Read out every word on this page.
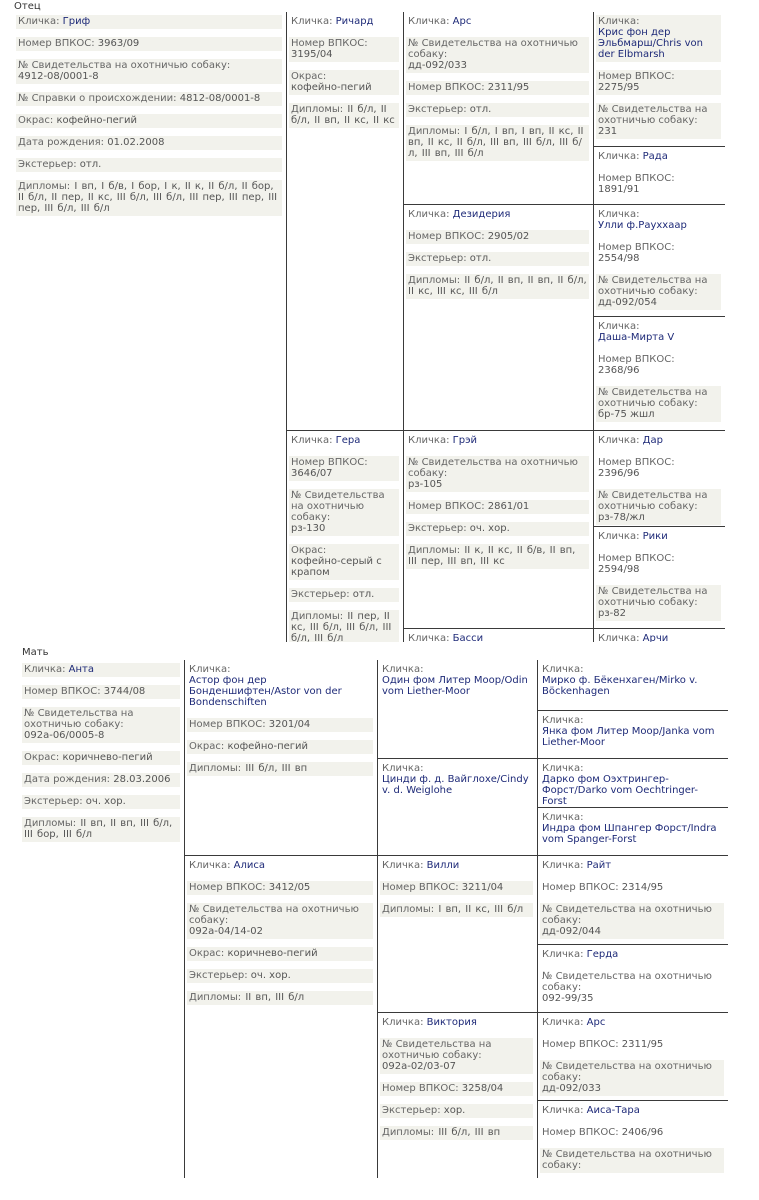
Отец
Кличка: Гриф
Номер ВПКОС: 3963/09
№ Свидетельства на охотничью собаку:
4912-08/0001-8
№ Справки о происхождении: 4812-08/0001-8
Окрас: кофейно-пегий
Дата рождения: 01.02.2008
Экстерьер: отл.
Дипломы: I вп, I б/в, I бор, I к, II к, II б/л, II бор, II б/л, II пер, II кс, III б/л, III б/л, III пер, III пер, III пер, III б/л, III б/л
Кличка: Ричард
Номер ВПКОС:
3195/04
Окрас:
кофейно-пегий
Дипломы: II б/л, II б/л, II вп, II кс, II кс
Кличка: Гера
Номер ВПКОС:
3646/07
№ Свидетельства на охотничью собаку:
рз-130
Окрас:
кофейно-серый с крапом
Экстерьер: отл.
Дипломы: II пер, II кс, III б/л, III б/л, III б/л, III б/л
Кличка: Арс
№ Свидетельства на охотничью собаку:
дд-092/033
Номер ВПКОС: 2311/95
Экстерьер: отл.
Дипломы: I б/л, I вп, I вп, II кс, II вп, II кс, II б/л, III вп, III б/л, III б/л, III вп, III б/л
Кличка: Дезидерия
Номер ВПКОС: 2905/02
Экстерьер: отл.
Дипломы: II б/л, II вп, II вп, II б/л, II кс, III кс, III б/л
Кличка: Грэй
№ Свидетельства на охотничью собаку:
рз-105
Номер ВПКОС: 2861/01
Экстерьер: оч. хор.
Дипломы: II к, II кс, II б/в, II вп, III пер, III вп, III кс
Кличка: Басси
Кличка:
Крис фон дер Эльбмарш/Chris von der Elbmarsh
Номер ВПКОС:
2275/95
№ Свидетельства на охотничью собаку:
231
Кличка: Рада
Номер ВПКОС:
1891/91
Кличка:
Улли ф.Рауххаар
Номер ВПКОС:
2554/98
№ Свидетельства на охотничью собаку:
дд-092/054
Кличка:
Даша-Мирта V
Номер ВПКОС:
2368/96
№ Свидетельства на охотничью собаку:
бр-75 жшл
Кличка: Дар
Номер ВПКОС:
2396/96
№ Свидетельства на охотничью собаку:
рз-78/жл
Кличка: Рики
Номер ВПКОС:
2594/98
№ Свидетельства на охотничью собаку:
рз-82
Кличка: Арчи
Мать
Кличка: Анта
Номер ВПКОС: 3744/08
№ Свидетельства на охотничью собаку:
092а-06/0005-8
Окрас: коричнево-пегий
Дата рождения: 28.03.2006
Экстерьер: оч. хор.
Дипломы: II вп, II вп, III б/л, III бор, III б/л
Кличка:
Астор фон дер Бонденшифтен/Astor von der Bondenschiften
Номер ВПКОС: 3201/04
Окрас: кофейно-пегий
Дипломы: III б/л, III вп
Кличка: Алиса
Номер ВПКОС: 3412/05
№ Свидетельства на охотничью собаку:
092а-04/14-02
Окрас: коричнево-пегий
Экстерьер: оч. хор.
Дипломы: II вп, III б/л
Кличка:
Один фом Литер Моор/Odin vom Liether-Moor
Кличка:
Цинди ф. д. Вайглохе/Cindy v. d. Weiglohe
Кличка: Вилли
Номер ВПКОС: 3211/04
Дипломы: I вп, II кс, III б/л
Кличка: Виктория
№ Свидетельства на охотничью собаку:
092а-02/03-07
Номер ВПКОС: 3258/04
Экстерьер: хор.
Дипломы: III б/л, III вп
Кличка:
Мирко ф. Бёкенхаген/Mirko v. Böckenhagen
Кличка:
Янка фом Литер Моор/Janka vom Liether-Moor
Кличка:
Дарко фом Оэхтрингер-Форст/Darko vom Oechtringer-Forst
Кличка:
Индра фом Шпангер Форст/Indra vom Spanger-Forst
Кличка: Райт
Номер ВПКОС: 2314/95
№ Свидетельства на охотничью собаку:
дд-092/044
Кличка: Герда
№ Свидетельства на охотничью собаку:
092-99/35
Кличка: Арс
Номер ВПКОС: 2311/95
№ Свидетельства на охотничью собаку:
дд-092/033
Кличка: Аиса-Тара
Номер ВПКОС: 2406/96
№ Свидетельства на охотничью собаку:
